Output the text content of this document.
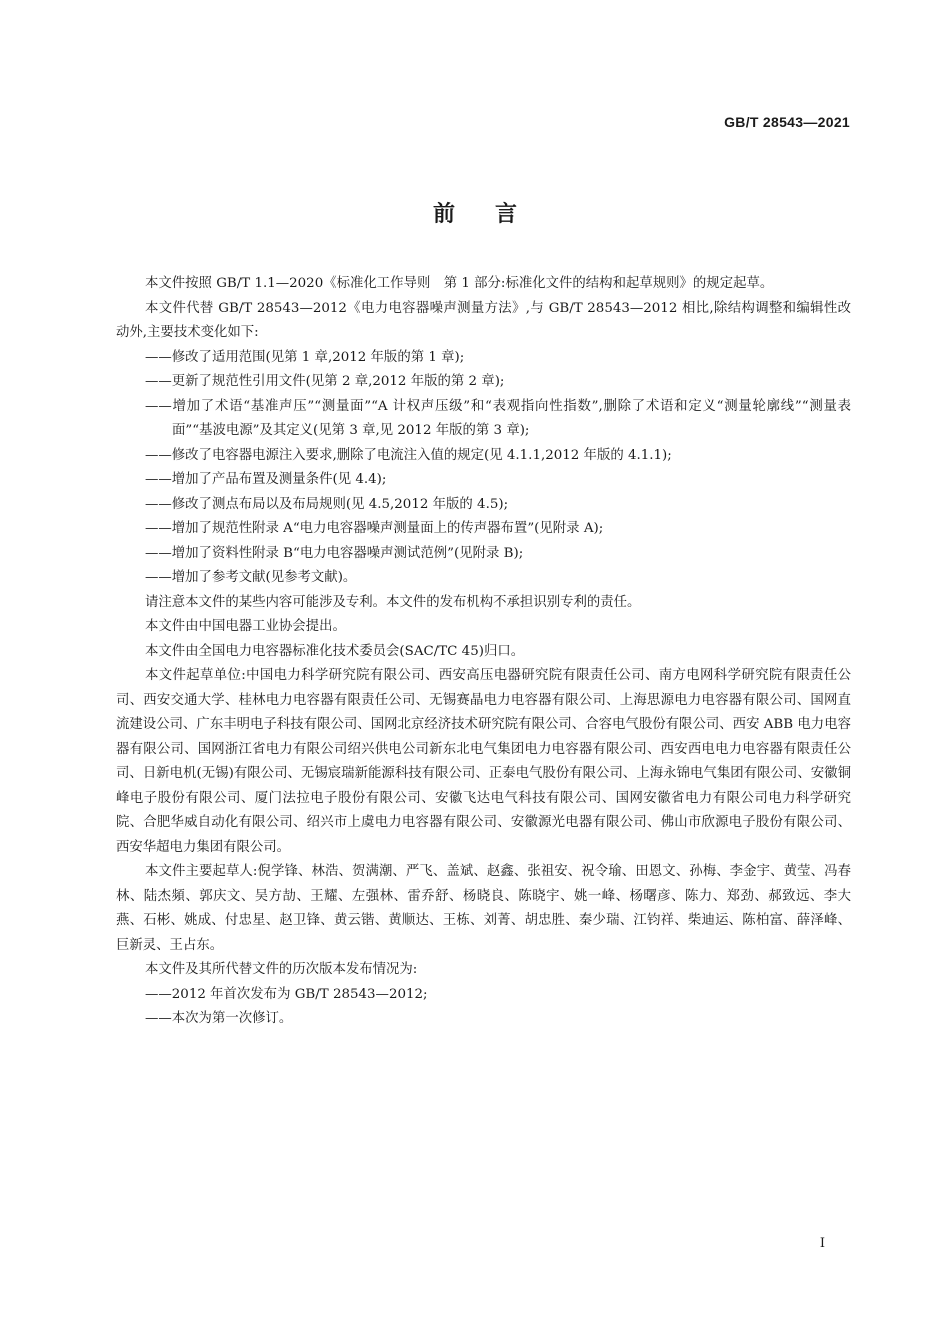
GB/T 28543—2021
前言

本文件按照 GB/T 1.1—2020《标准化工作导则　第 1 部分:标准化文件的结构和起草规则》的规定起草。

本文件代替 GB/T 28543—2012《电力电容器噪声测量方法》,与 GB/T 28543—2012 相比,除结构调整和编辑性改动外,主要技术变化如下:

——修改了适用范围(见第 1 章,2012 年版的第 1 章);

——更新了规范性引用文件(见第 2 章,2012 年版的第 2 章);

——增加了术语“基准声压”“测量面”“A 计权声压级”和“表观指向性指数”,删除了术语和定义“测量轮廓线”“测量表面”“基波电源”及其定义(见第 3 章,见 2012 年版的第 3 章);

——修改了电容器电源注入要求,删除了电流注入值的规定(见 4.1.1,2012 年版的 4.1.1);

——增加了产品布置及测量条件(见 4.4);

——修改了测点布局以及布局规则(见 4.5,2012 年版的 4.5);

——增加了规范性附录 A“电力电容器噪声测量面上的传声器布置”(见附录 A);

——增加了资料性附录 B“电力电容器噪声测试范例”(见附录 B);

——增加了参考文献(见参考文献)。

请注意本文件的某些内容可能涉及专利。本文件的发布机构不承担识别专利的责任。

本文件由中国电器工业协会提出。

本文件由全国电力电容器标准化技术委员会(SAC/TC 45)归口。

本文件起草单位:中国电力科学研究院有限公司、西安高压电器研究院有限责任公司、南方电网科学研究院有限责任公司、西安交通大学、桂林电力电容器有限责任公司、无锡赛晶电力电容器有限公司、上海思源电力电容器有限公司、国网直流建设公司、广东丰明电子科技有限公司、国网北京经济技术研究院有限公司、合容电气股份有限公司、西安 ABB 电力电容器有限公司、国网浙江省电力有限公司绍兴供电公司新东北电气集团电力电容器有限公司、西安西电电力电容器有限责任公司、日新电机(无锡)有限公司、无锡宸瑞新能源科技有限公司、正泰电气股份有限公司、上海永锦电气集团有限公司、安徽铜峰电子股份有限公司、厦门法拉电子股份有限公司、安徽飞达电气科技有限公司、国网安徽省电力有限公司电力科学研究院、合肥华威自动化有限公司、绍兴市上虞电力电容器有限公司、安徽源光电器有限公司、佛山市欣源电子股份有限公司、西安华超电力集团有限公司。

本文件主要起草人:倪学锋、林浩、贺满潮、严飞、盖斌、赵鑫、张祖安、祝令瑜、田恩文、孙梅、李金宇、黄莹、冯春林、陆杰頻、郭庆文、吴方劼、王耀、左强林、雷乔舒、杨晓良、陈晓宇、姚一峰、杨曙彦、陈力、郑劲、郝致远、李大燕、石彬、姚成、付忠星、赵卫锋、黄云锴、黄顺达、王栋、刘菁、胡忠胜、秦少瑞、江钧祥、柴迪运、陈柏富、薛泽峰、巨新灵、王占东。

本文件及其所代替文件的历次版本发布情况为:

——2012 年首次发布为 GB/T 28543—2012;

——本次为第一次修订。

I
